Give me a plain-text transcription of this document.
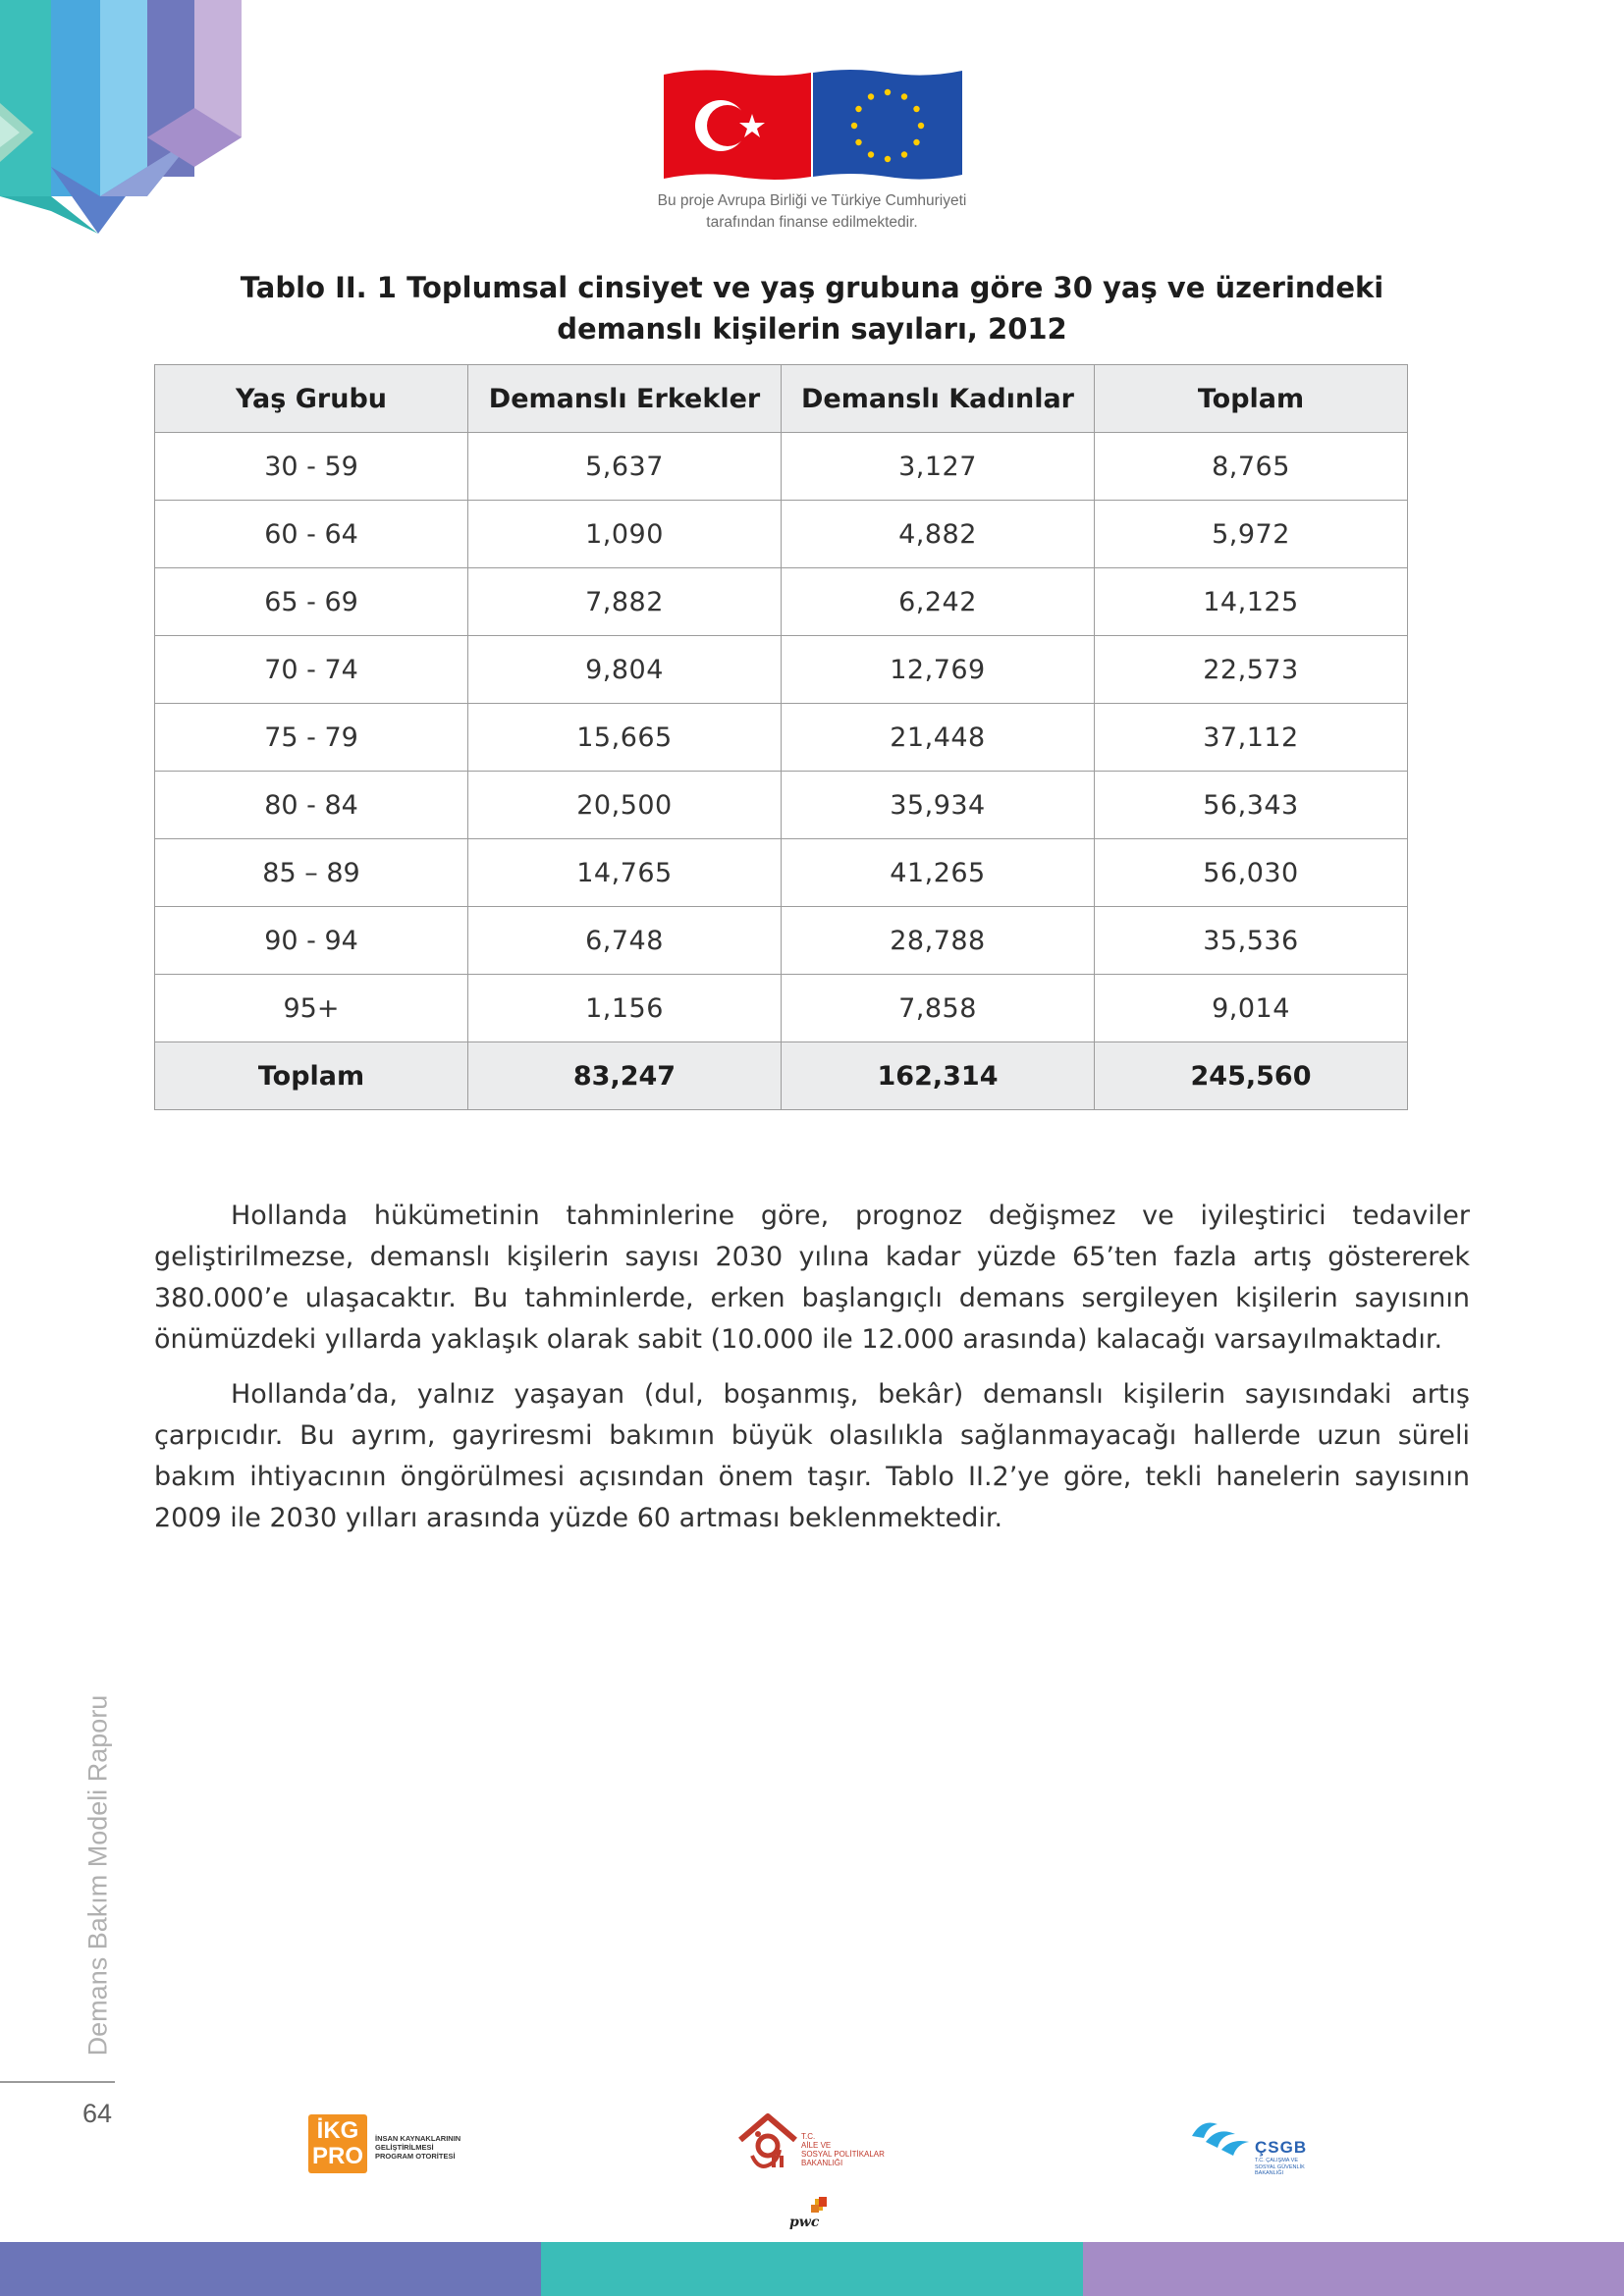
Bu proje Avrupa Birliği ve Türkiye Cumhuriyeti
tarafından finanse edilmektedir.
Tablo II. 1 Toplumsal cinsiyet ve yaş grubuna göre 30 yaş ve üzerindeki
demanslı kişilerin sayıları, 2012
Yaş Grubu	Demanslı Erkekler	Demanslı Kadınlar	Toplam
30 - 59	5,637	3,127	8,765
60 - 64	1,090	4,882	5,972
65 - 69	7,882	6,242	14,125
70 - 74	9,804	12,769	22,573
75 - 79	15,665	21,448	37,112
80 - 84	20,500	35,934	56,343
85 – 89	14,765	41,265	56,030
90 - 94	6,748	28,788	35,536
95+	1,156	7,858	9,014
Toplam	83,247	162,314	245,560

Hollanda hükümetinin tahminlerine göre, prognoz değişmez ve iyileştirici tedaviler geliştirilmezse, demanslı kişilerin sayısı 2030 yılına kadar yüzde 65’ten fazla artış göstererek 380.000’e ulaşacaktır. Bu tahminlerde, erken başlangıçlı demans sergileyen kişilerin sayısının önümüzdeki yıllarda yaklaşık olarak sabit (10.000 ile 12.000 arasında) kalacağı varsayılmaktadır.

Hollanda’da, yalnız yaşayan (dul, boşanmış, bekâr) demanslı kişilerin sayısındaki artış çarpıcıdır. Bu ayrım, gayriresmi bakımın büyük olasılıkla sağlanmayacağı hallerde uzun süreli bakım ihtiyacının öngörülmesi açısından önem taşır. Tablo II.2’ye göre, tekli hanelerin sayısının 2009 ile 2030 yılları arasında yüzde 60 artması beklenmektedir.

Demans Bakım Modeli Raporu
64
İKG
PRO
İNSAN KAYNAKLARININ
GELİŞTİRİLMESİ
PROGRAM OTORİTESİ
T.C.
AİLE VE
SOSYAL POLİTİKALAR
BAKANLIĞI
pwc
ÇSGB
T.C. ÇALIŞMA VE
SOSYAL GÜVENLİK
BAKANLIĞI
